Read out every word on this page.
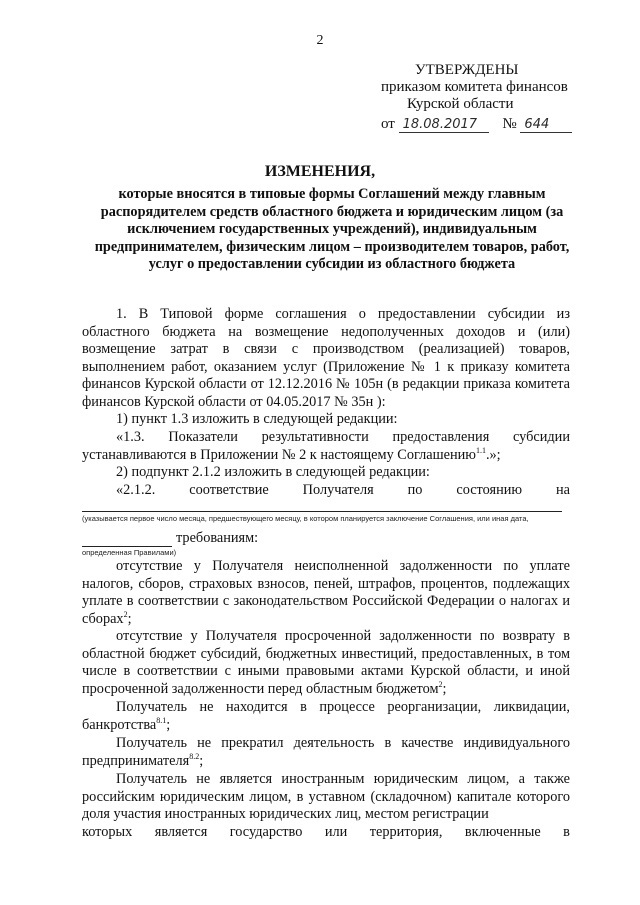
2
УТВЕРЖДЕНЫ
приказом комитета финансов
Курской области
от 18.08.2017 № 644
ИЗМЕНЕНИЯ,
которые вносятся в типовые формы Соглашений между главным распорядителем средств областного бюджета и юридическим лицом (за исключением государственных учреждений), индивидуальным предпринимателем, физическим лицом – производителем товаров, работ, услуг о предоставлении субсидии из областного бюджета
1. В Типовой форме соглашения о предоставлении субсидии из областного бюджета на возмещение недополученных доходов и (или) возмещение затрат в связи с производством (реализацией) товаров, выполнением работ, оказанием услуг (Приложение № 1 к приказу комитета финансов Курской области от 12.12.2016 № 105н (в редакции приказа комитета финансов Курской области от 04.05.2017 № 35н ):
1) пункт 1.3 изложить в следующей редакции:
«1.3. Показатели результативности предоставления субсидии устанавливаются в Приложении № 2 к настоящему Соглашению$^{1.1}$.»;
2) подпункт 2.1.2 изложить в следующей редакции:
«2.1.2. соответствие Получателя по состоянию на
(указывается первое число месяца, предшествующего месяцу, в котором планируется заключение Соглашения, или иная дата,
требованиям:
определенная Правилами)
отсутствие у Получателя неисполненной задолженности по уплате налогов, сборов, страховых взносов, пеней, штрафов, процентов, подлежащих уплате в соответствии с законодательством Российской Федерации о налогах и сборах$^2$;
отсутствие у Получателя просроченной задолженности по возврату в областной бюджет субсидий, бюджетных инвестиций, предоставленных, в том числе в соответствии с иными правовыми актами Курской области, и иной просроченной задолженности перед областным бюджетом$^2$;
Получатель не находится в процессе реорганизации, ликвидации, банкротства$^{8.1}$;
Получатель не прекратил деятельность в качестве индивидуального предпринимателя$^{8.2}$;
Получатель не является иностранным юридическим лицом, а также российским юридическим лицом, в уставном (складочном) капитале которого доля участия иностранных юридических лиц, местом регистрации
которых является государство или территория, включенные в
